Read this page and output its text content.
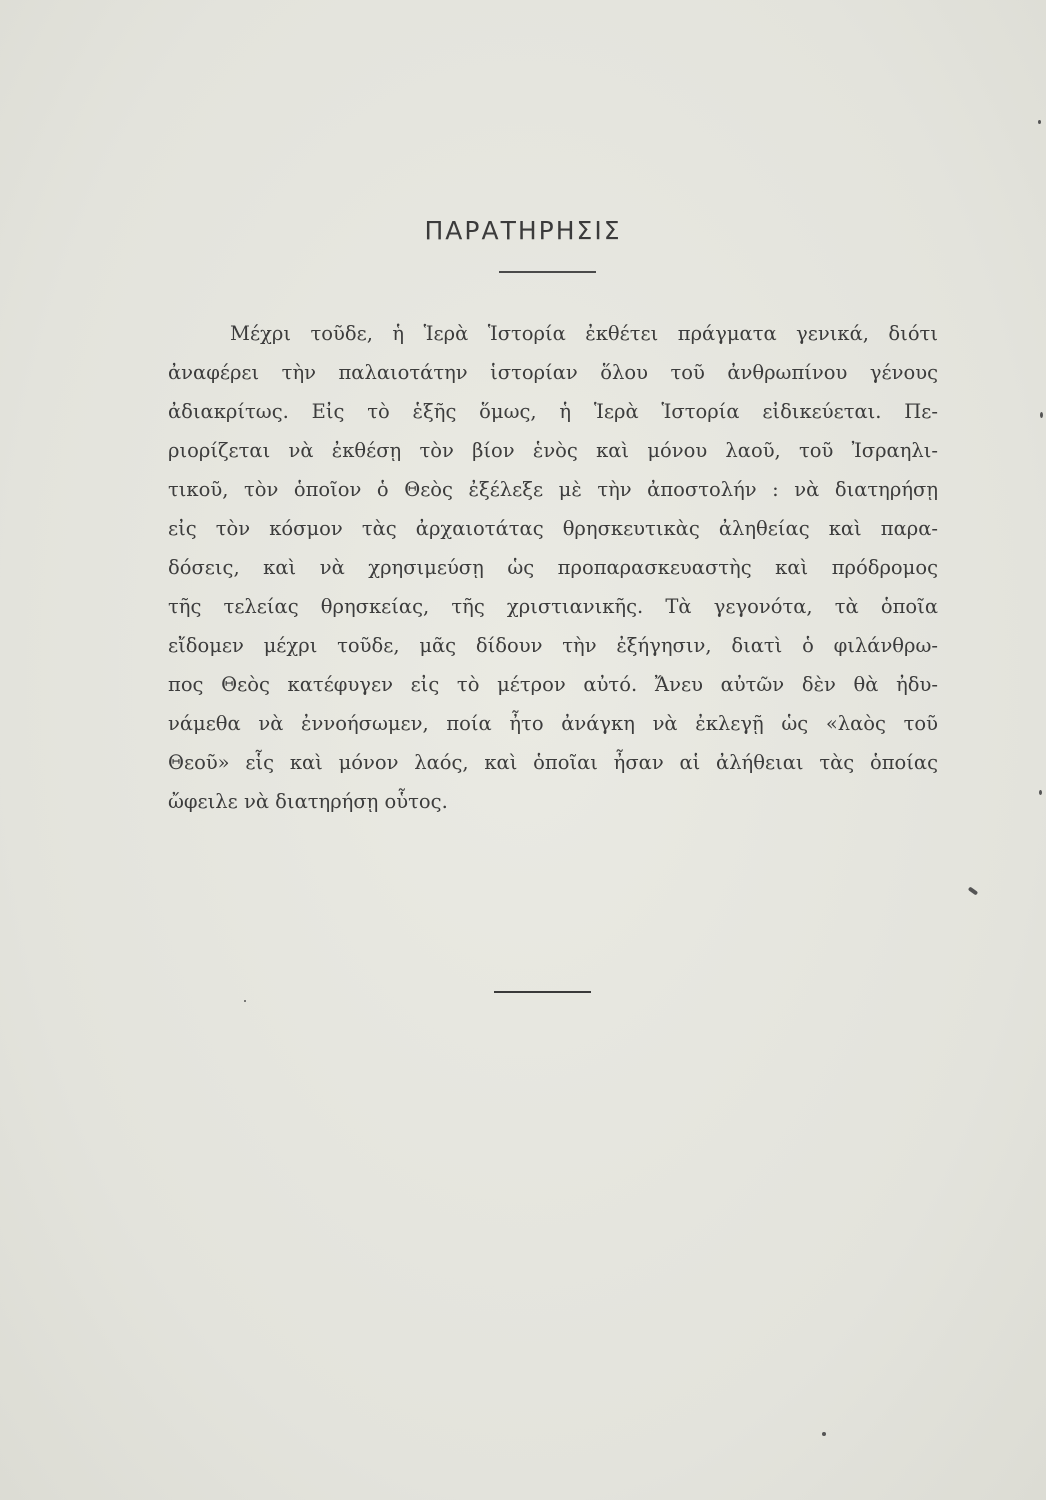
ΠΑΡΑΤΗΡΗΣΙΣ
Μέχρι τοῦδε, ἡ Ἱερὰ Ἱστορία ἐκθέτει πράγματα γενικά, διότι
ἀναφέρει τὴν παλαιοτάτην ἱστορίαν ὅλου τοῦ ἀνθρωπίνου γένους
ἀδιακρίτως. Εἰς τὸ ἑξῆς ὅμως, ἡ Ἱερὰ Ἱστορία εἰδικεύεται. Πε-
ριορίζεται νὰ ἐκθέσῃ τὸν βίον ἑνὸς καὶ μόνου λαοῦ, τοῦ Ἰσραηλι-
τικοῦ, τὸν ὁποῖον ὁ Θεὸς ἐξέλεξε μὲ τὴν ἀποστολήν : νὰ διατηρήσῃ
εἰς τὸν κόσμον τὰς ἀρχαιοτάτας θρησκευτικὰς ἀληθείας καὶ παρα-
δόσεις, καὶ νὰ χρησιμεύσῃ ὡς προπαρασκευαστὴς καὶ πρόδρομος
τῆς τελείας θρησκείας, τῆς χριστιανικῆς. Τὰ γεγονότα, τὰ ὁποῖα
εἴδομεν μέχρι τοῦδε, μᾶς δίδουν τὴν ἐξήγησιν, διατὶ ὁ φιλάνθρω-
πος Θεὸς κατέφυγεν εἰς τὸ μέτρον αὐτό. Ἄνευ αὐτῶν δὲν θὰ ἠδυ-
νάμεθα νὰ ἐννοήσωμεν, ποία ἦτο ἀνάγκη νὰ ἐκλεγῇ ὡς «λαὸς τοῦ
Θεοῦ» εἷς καὶ μόνον λαός, καὶ ὁποῖαι ἦσαν αἱ ἀλήθειαι τὰς ὁποίας
ὤφειλε νὰ διατηρήσῃ οὗτος.
